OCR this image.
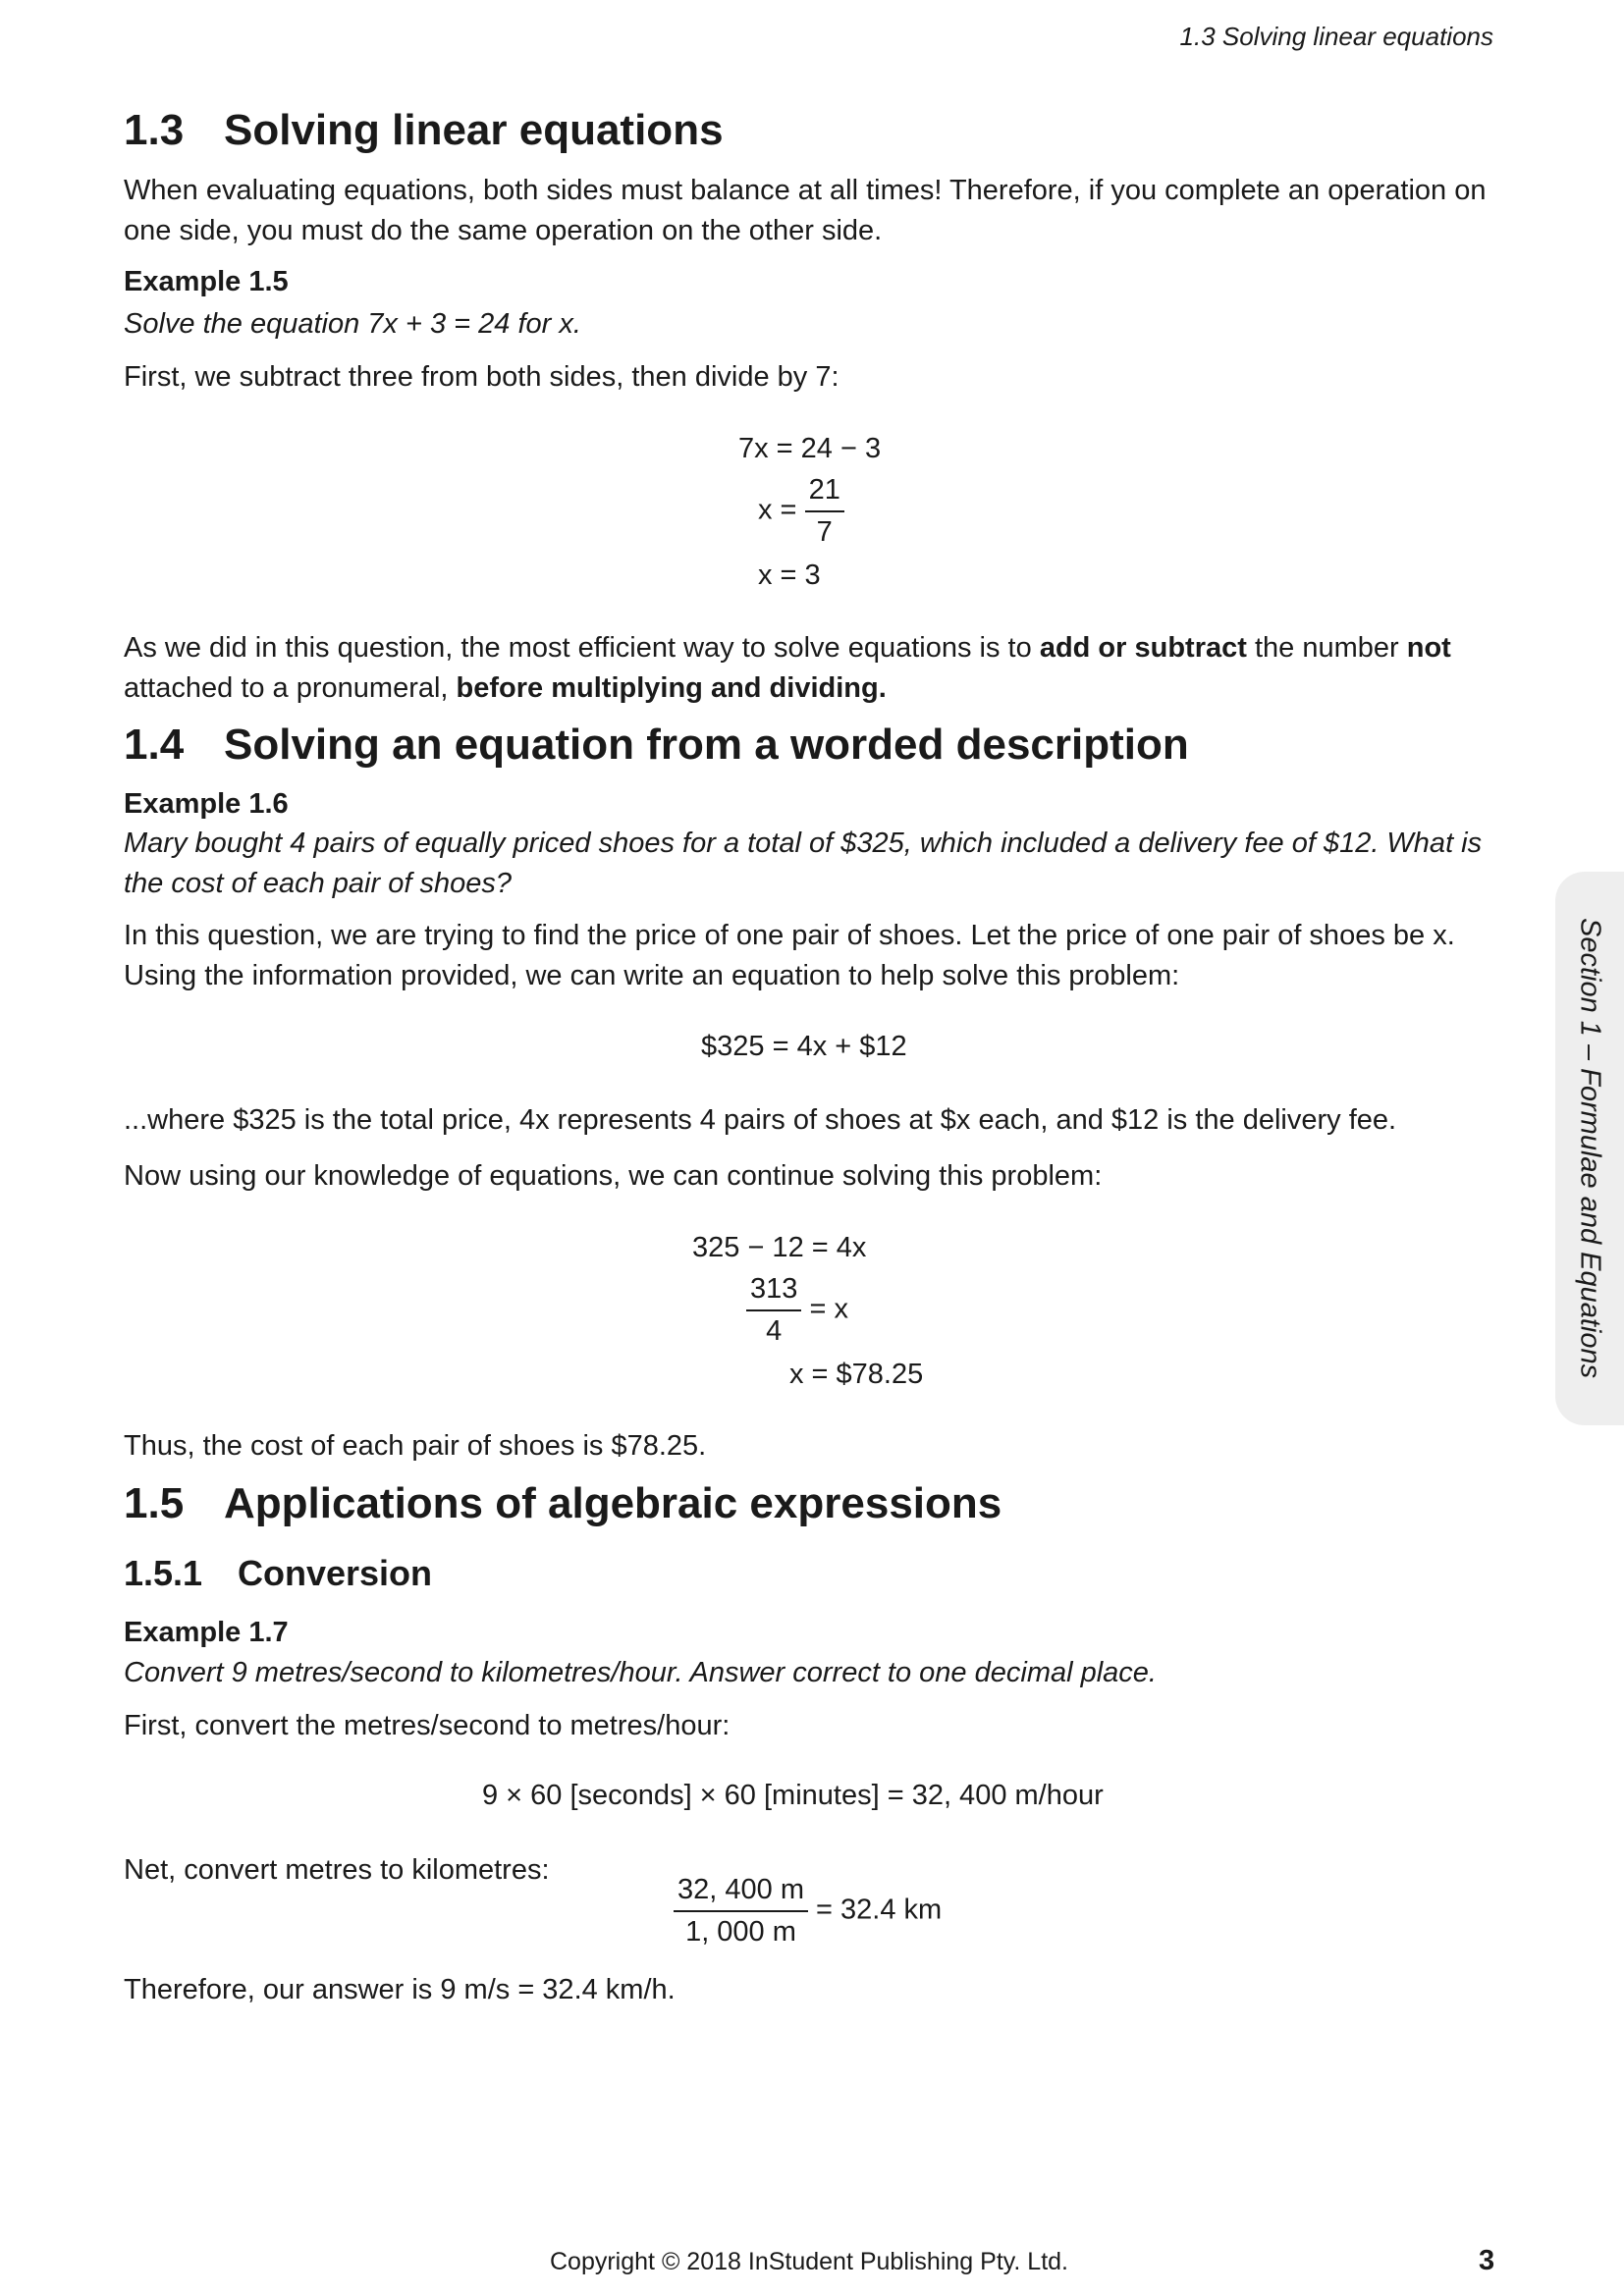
1.3 Solving linear equations
1.3 Solving linear equations
When evaluating equations, both sides must balance at all times! Therefore, if you complete an operation on one side, you must do the same operation on the other side.
Example 1.5
Solve the equation 7x + 3 = 24 for x.
First, we subtract three from both sides, then divide by 7:
7x = 24 − 3
$x = \frac{21}{7}$
x = 3
As we did in this question, the most efficient way to solve equations is to add or subtract the number not attached to a pronumeral, before multiplying and dividing.
1.4 Solving an equation from a worded description
Example 1.6
Mary bought 4 pairs of equally priced shoes for a total of $325, which included a delivery fee of $12. What is the cost of each pair of shoes?
In this question, we are trying to find the price of one pair of shoes. Let the price of one pair of shoes be x. Using the information provided, we can write an equation to help solve this problem:
$325 = 4x + $12
...where $325 is the total price, 4x represents 4 pairs of shoes at $x each, and $12 is the delivery fee.
Now using our knowledge of equations, we can continue solving this problem:
325 − 12 = 4x
$\frac{313}{4} = x$
x = $78.25
Thus, the cost of each pair of shoes is $78.25.
1.5 Applications of algebraic expressions
1.5.1 Conversion
Example 1.7
Convert 9 metres/second to kilometres/hour. Answer correct to one decimal place.
First, convert the metres/second to metres/hour:
9 × 60 [seconds] × 60 [minutes] = 32, 400 m/hour
Net, convert metres to kilometres:
$\frac{32, 400 m}{1, 000 m} = 32.4$ km
Therefore, our answer is 9 m/s = 32.4 km/h.
Section 1 – Formulae and Equations
Copyright © 2018 InStudent Publishing Pty. Ltd.	3
